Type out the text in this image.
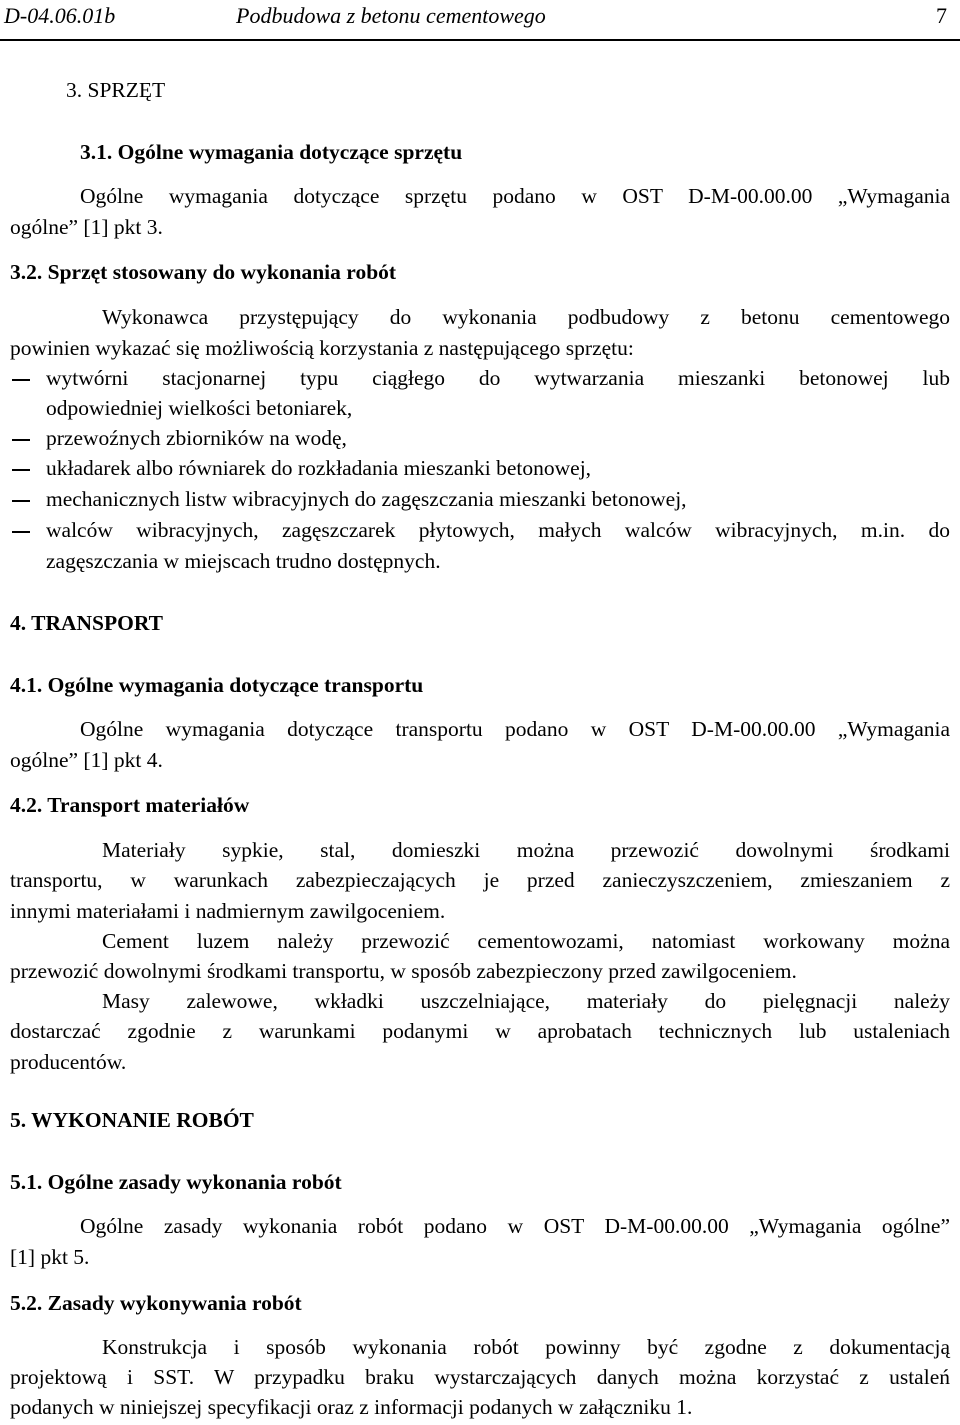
D-04.06.01b	Podbudowa z betonu cementowego	7
3. SPRZĘT
3.1. Ogólne wymagania dotyczące sprzętu
Ogólne wymagania dotyczące sprzętu podano w OST D-M-00.00.00 „Wymagania
ogólne” [1] pkt 3.
3.2. Sprzęt stosowany do wykonania robót
Wykonawca przystępujący do wykonania podbudowy z betonu cementowego
powinien wykazać się możliwością korzystania z następującego sprzętu:
wytwórni stacjonarnej typu ciągłego do wytwarzania mieszanki betonowej lub
odpowiedniej wielkości betoniarek,
przewoźnych zbiorników na wodę,
układarek albo równiarek do rozkładania mieszanki betonowej,
mechanicznych listw wibracyjnych do zagęszczania mieszanki betonowej,
walców wibracyjnych, zagęszczarek płytowych, małych walców wibracyjnych, m.in. do
zagęszczania w miejscach trudno dostępnych.
4. TRANSPORT
4.1. Ogólne wymagania dotyczące transportu
Ogólne wymagania dotyczące transportu podano w OST D-M-00.00.00 „Wymagania
ogólne” [1] pkt 4.
4.2. Transport materiałów
Materiały sypkie, stal, domieszki można przewozić dowolnymi środkami
transportu, w warunkach zabezpieczających je przed zanieczyszczeniem, zmieszaniem z
innymi materiałami i nadmiernym zawilgoceniem.
Cement luzem należy przewozić cementowozami, natomiast workowany można
przewozić dowolnymi środkami transportu, w sposób zabezpieczony przed zawilgoceniem.
Masy zalewowe, wkładki uszczelniające, materiały do pielęgnacji należy
dostarczać zgodnie z warunkami podanymi w aprobatach technicznych lub ustaleniach
producentów.
5. WYKONANIE ROBÓT
5.1. Ogólne zasady wykonania robót
Ogólne zasady wykonania robót podano w OST D-M-00.00.00 „Wymagania ogólne”
[1] pkt 5.
5.2. Zasady wykonywania robót
Konstrukcja i sposób wykonania robót powinny być zgodne z dokumentacją
projektową i SST. W przypadku braku wystarczających danych można korzystać z ustaleń
podanych w niniejszej specyfikacji oraz z informacji podanych w załączniku 1.
